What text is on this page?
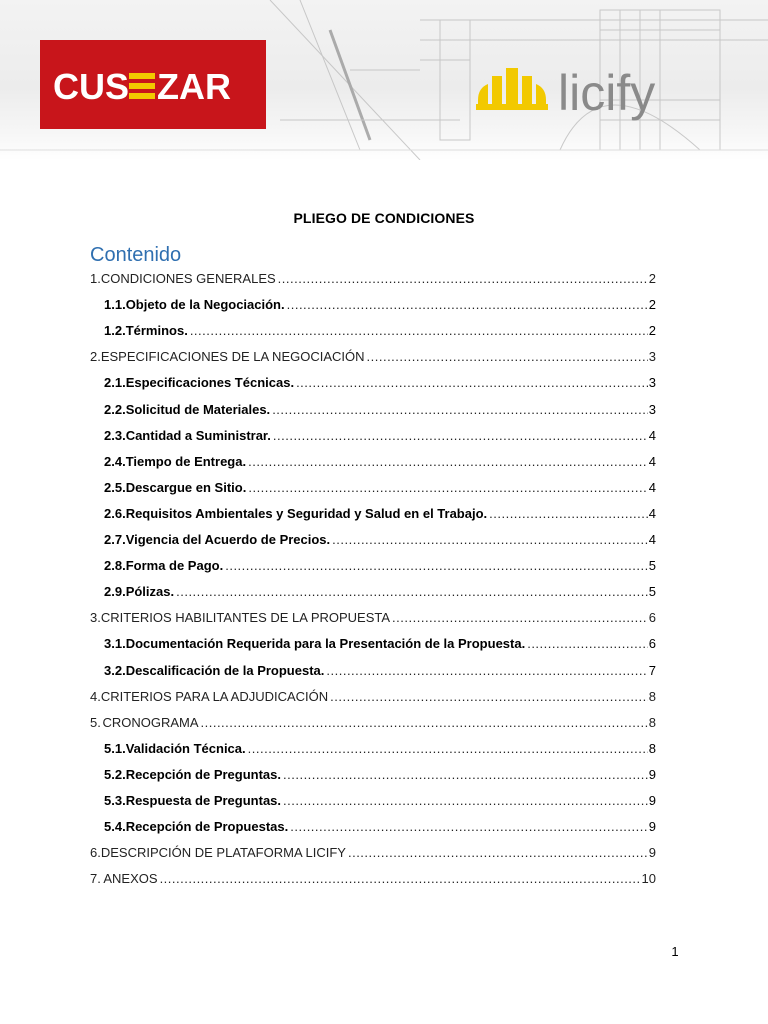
CUS ZAR	licify
PLIEGO DE CONDICIONES
Contenido
1. CONDICIONES GENERALES .....	2
1.1. Objeto de la Negociación. .....	2
1.2. Términos. .....	2
2. ESPECIFICACIONES DE LA NEGOCIACIÓN .....	3
2.1. Especificaciones Técnicas. .....	3
2.2. Solicitud de Materiales. .....	3
2.3. Cantidad a Suministrar. .....	4
2.4. Tiempo de Entrega. .....	4
2.5. Descargue en Sitio. .....	4
2.6. Requisitos Ambientales y Seguridad y Salud en el Trabajo. .....	4
2.7. Vigencia del Acuerdo de Precios. .....	4
2.8. Forma de Pago. .....	5
2.9. Pólizas. .....	5
3. CRITERIOS HABILITANTES DE LA PROPUESTA .....	6
3.1. Documentación Requerida para la Presentación de la Propuesta. .....	6
3.2. Descalificación de la Propuesta. .....	7
4. CRITERIOS PARA LA ADJUDICACIÓN .....	8
5. CRONOGRAMA .....	8
5.1. Validación Técnica. .....	8
5.2. Recepción de Preguntas. .....	9
5.3. Respuesta de Preguntas. .....	9
5.4. Recepción de Propuestas. .....	9
6. DESCRIPCIÓN DE PLATAFORMA LICIFY .....	9
7. ANEXOS .....	10
1
